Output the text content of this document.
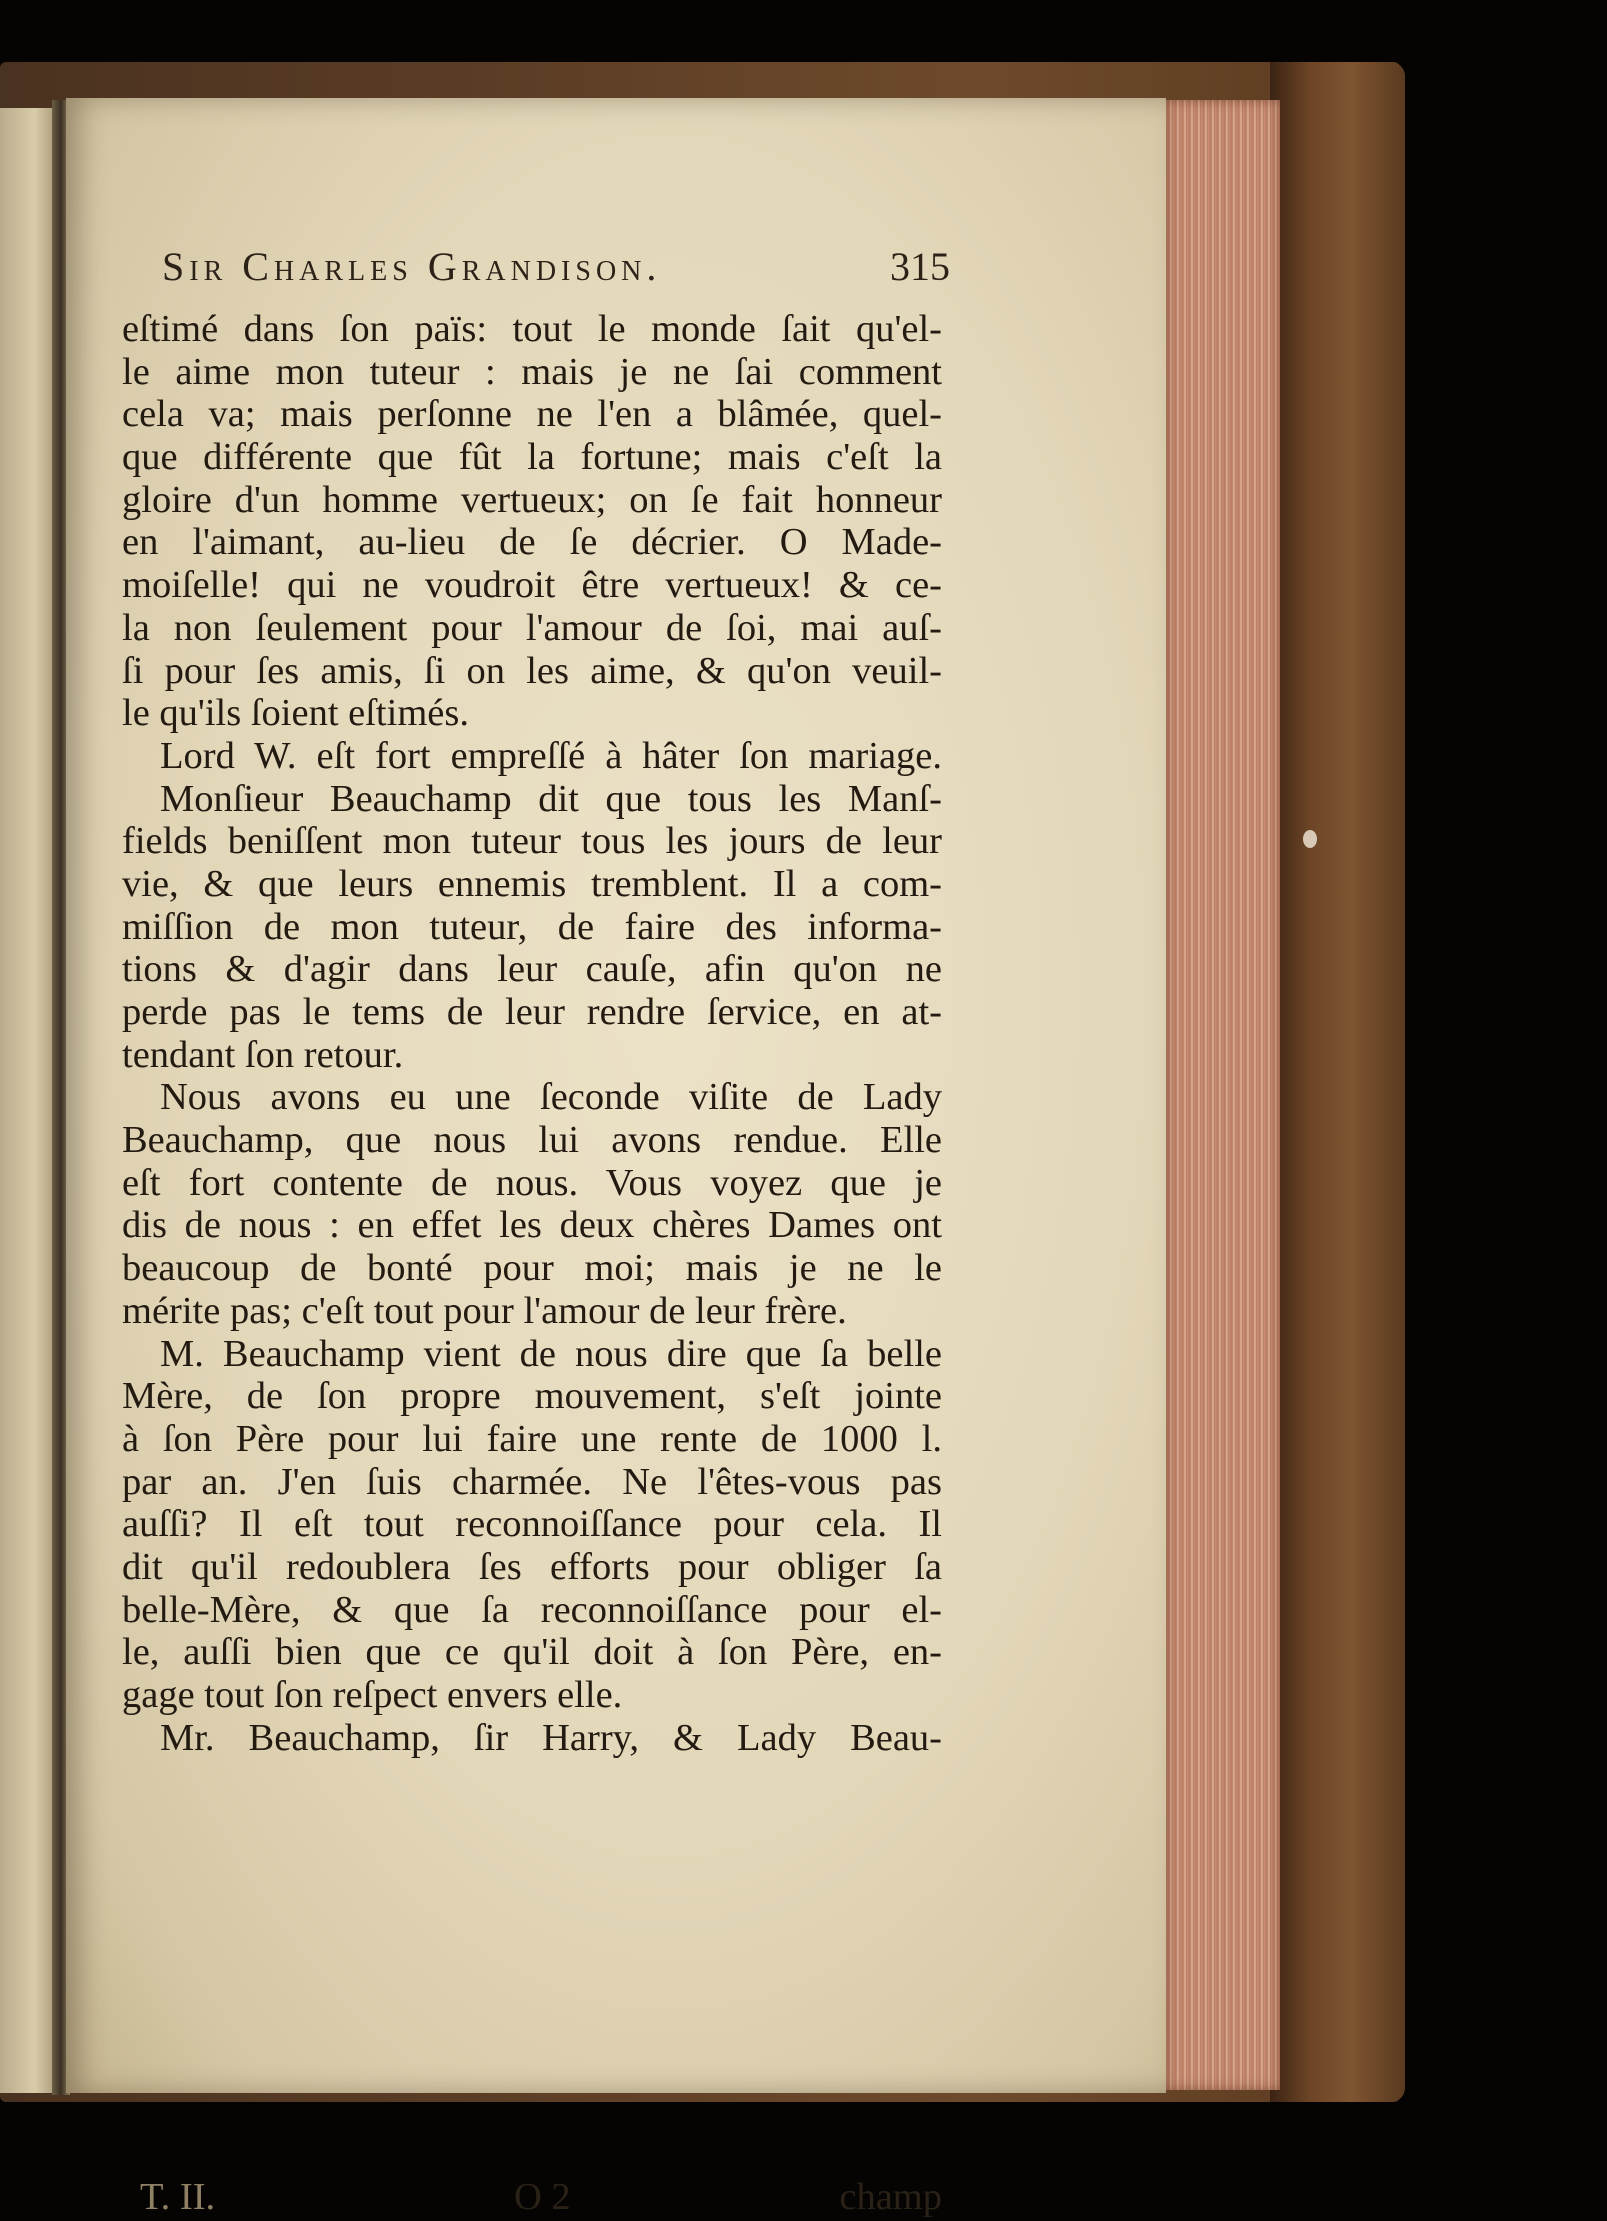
Sir Charles Grandison.	315
eſtimé dans ſon païs: tout le monde ſait qu'el-
le aime mon tuteur : mais je ne ſai comment
cela va; mais perſonne ne l'en a blâmée, quel-
que différente que fût la fortune; mais c'eſt la
gloire d'un homme vertueux; on ſe fait honneur
en l'aimant, au-lieu de ſe décrier. O Made-
moiſelle! qui ne voudroit être vertueux! & ce-
la non ſeulement pour l'amour de ſoi, mai auſ-
ſi pour ſes amis, ſi on les aime, & qu'on veuil-
le qu'ils ſoient eſtimés.
Lord W. eſt fort empreſſé à hâter ſon mariage.
Monſieur Beauchamp dit que tous les Manſ-
fields beniſſent mon tuteur tous les jours de leur
vie, & que leurs ennemis tremblent. Il a com-
miſſion de mon tuteur, de faire des informa-
tions & d'agir dans leur cauſe, afin qu'on ne
perde pas le tems de leur rendre ſervice, en at-
tendant ſon retour.
Nous avons eu une ſeconde viſite de Lady
Beauchamp, que nous lui avons rendue. Elle
eſt fort contente de nous. Vous voyez que je
dis de nous : en effet les deux chères Dames ont
beaucoup de bonté pour moi; mais je ne le
mérite pas; c'eſt tout pour l'amour de leur frère.
M. Beauchamp vient de nous dire que ſa belle
Mère, de ſon propre mouvement, s'eſt jointe
à ſon Père pour lui faire une rente de 1000 l.
par an. J'en ſuis charmée. Ne l'êtes-vous pas
auſſi? Il eſt tout reconnoiſſance pour cela. Il
dit qu'il redoublera ſes efforts pour obliger ſa
belle-Mère, & que ſa reconnoiſſance pour el-
le, auſſi bien que ce qu'il doit à ſon Père, en-
gage tout ſon reſpect envers elle.
Mr. Beauchamp, ſir Harry, & Lady Beau-
T. II.	O 2	champ
